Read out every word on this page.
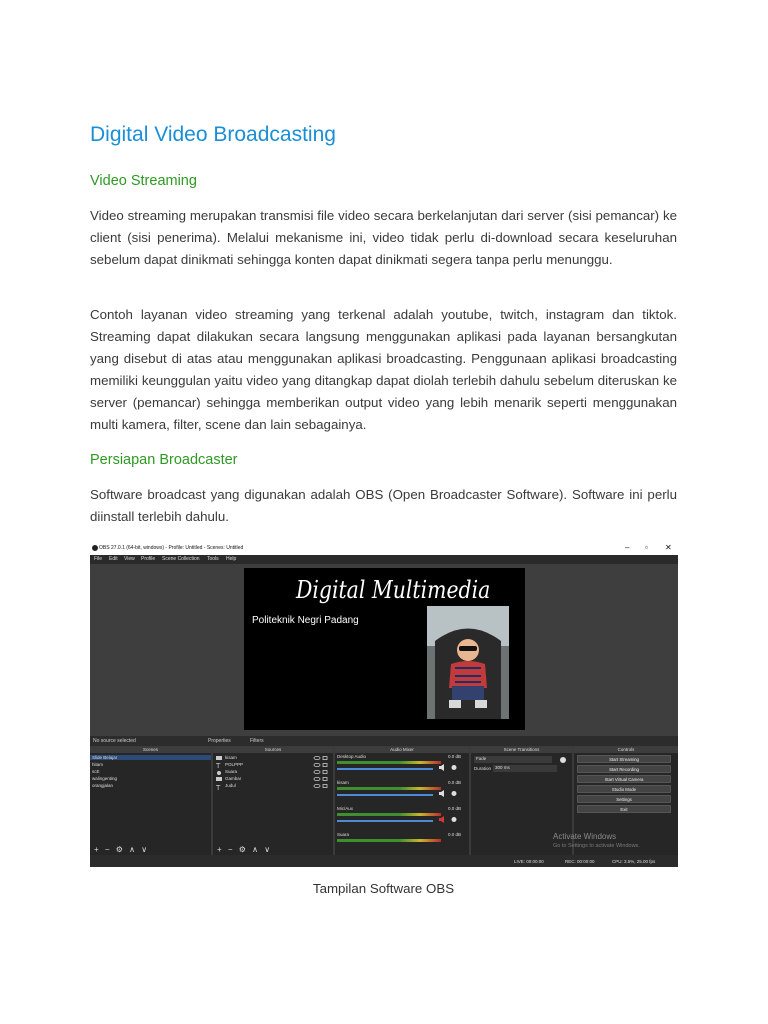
Digital Video Broadcasting
Video Streaming

Video streaming merupakan transmisi file video secara berkelanjutan dari server (sisi pemancar) ke client (sisi penerima). Melalui mekanisme ini, video tidak perlu di-download secara keseluruhan sebelum dapat dinikmati sehingga konten dapat dinikmati segera tanpa perlu menunggu.

Contoh layanan video streaming yang terkenal adalah youtube, twitch, instagram dan tiktok. Streaming dapat dilakukan secara langsung menggunakan aplikasi pada layanan bersangkutan yang disebut di atas atau menggunakan aplikasi broadcasting. Penggunaan aplikasi broadcasting memiliki keunggulan yaitu video yang ditangkap dapat diolah terlebih dahulu sebelum diteruskan ke server (pemancar) sehingga memberikan output video yang lebih menarik seperti menggunakan multi kamera, filter, scene dan lain sebagainya.

Persiapan Broadcaster

Software broadcast yang digunakan adalah OBS (Open Broadcaster Software). Software ini perlu diinstall terlebih dahulu.

OBS 27.0.1 (64-bit, windows) - Profile: Untitled - Scenes: Untitled	– ▫ ✕
File Edit View Profile Scene Collection Tools Help
Digital Multimedia
Politeknik Negri Padang
No source selected	Properties	Filters
Scenes
Slide Belajar
hitam
scE
walingenting
orangjalan
+ − ⚙ ∧ ∨
Sources
kisam
POLPPP
Suara
Gambar
Judul
T
T
+ − ⚙ ∧ ∨
Audio Mixer
Desktop Audio	0.0 dB
kisam	0.0 dB
Mic/Aux	0.0 dB
Suara	0.0 dB
Scene Transitions
Fade
Duration 300 ms
Controls
Start Streaming
Start Recording
Start Virtual Camera
Studio Mode
Settings
Exit
Activate Windows
Go to Settings to activate Windows.
LIVE: 00:00:00	REC: 00:00:00	CPU: 3.5%, 25.00 fps

Tampilan Software OBS
